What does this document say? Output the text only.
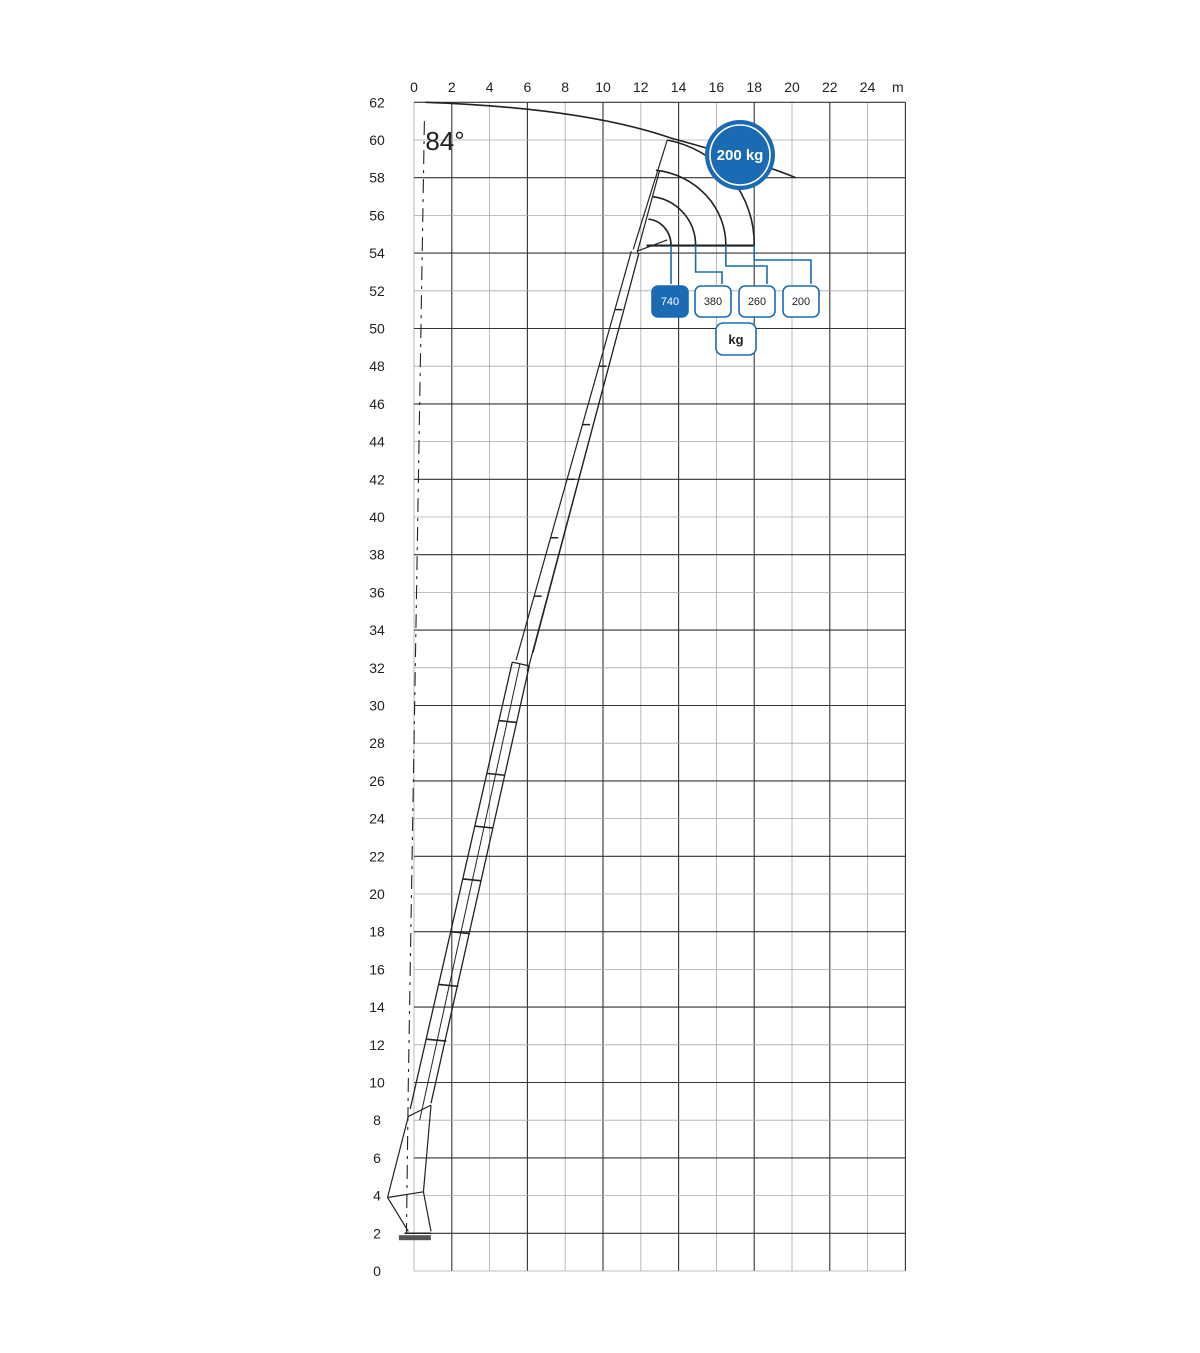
0 2 4 6 8 10 12 14 16 18 20 22 24 m
0
2
4
6
8
10
12
14
16
18
20
22
24
26
28
30
32
34
36
38
40
42
44
46
48
50
52
54
56
58
60
62
84°
740 380 260 200
kg
200 kg
